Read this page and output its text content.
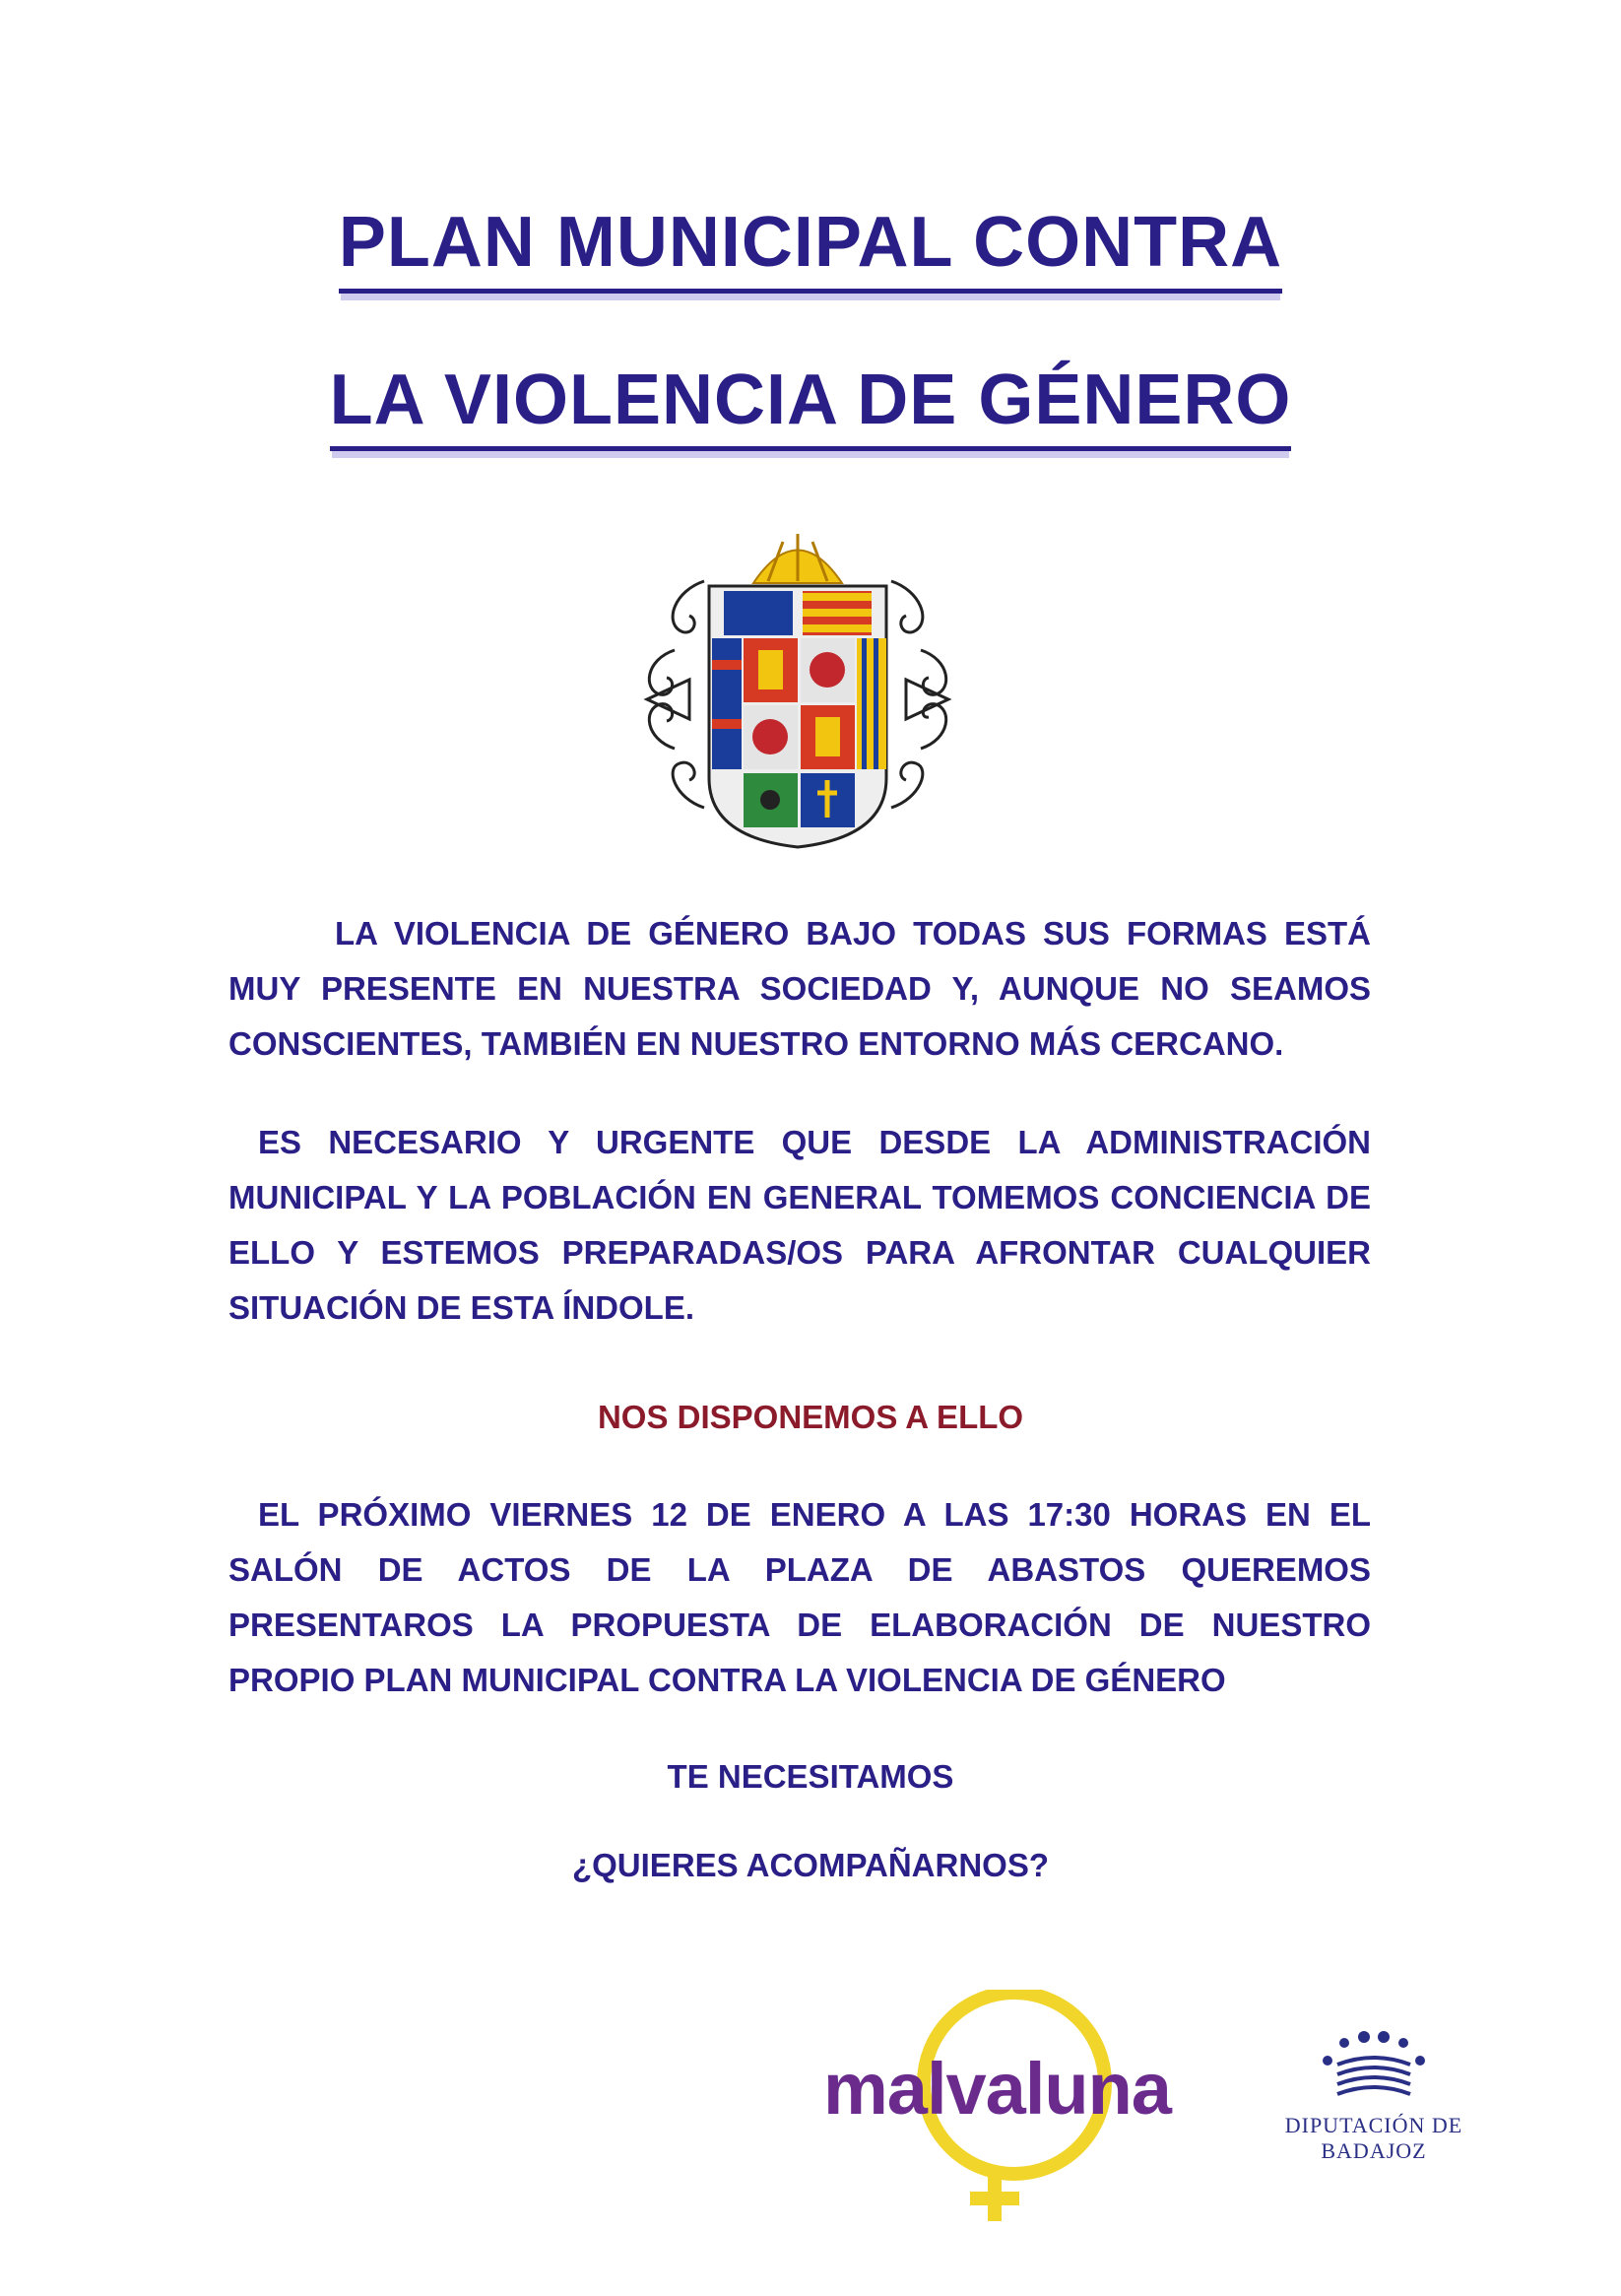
PLAN MUNICIPAL CONTRA
LA VIOLENCIA DE GÉNERO

LA VIOLENCIA DE GÉNERO BAJO TODAS SUS FORMAS ESTÁ MUY PRESENTE EN NUESTRA SOCIEDAD Y, AUNQUE NO SEAMOS CONSCIENTES, TAMBIÉN EN NUESTRO ENTORNO MÁS CERCANO.

ES NECESARIO Y URGENTE QUE DESDE LA ADMINISTRACIÓN MUNICIPAL Y LA POBLACIÓN EN GENERAL TOMEMOS CONCIENCIA DE ELLO Y ESTEMOS PREPARADAS/OS PARA AFRONTAR CUALQUIER SITUACIÓN DE ESTA ÍNDOLE.

NOS DISPONEMOS A ELLO

EL PRÓXIMO VIERNES 12 DE ENERO A LAS 17:30 HORAS EN EL SALÓN DE ACTOS DE LA PLAZA DE ABASTOS QUEREMOS PRESENTAROS LA PROPUESTA DE ELABORACIÓN DE NUESTRO PROPIO PLAN MUNICIPAL CONTRA LA VIOLENCIA DE GÉNERO

TE NECESITAMOS

¿QUIERES ACOMPAÑARNOS?

malvaluna	DIPUTACIÓN DE BADAJOZ
